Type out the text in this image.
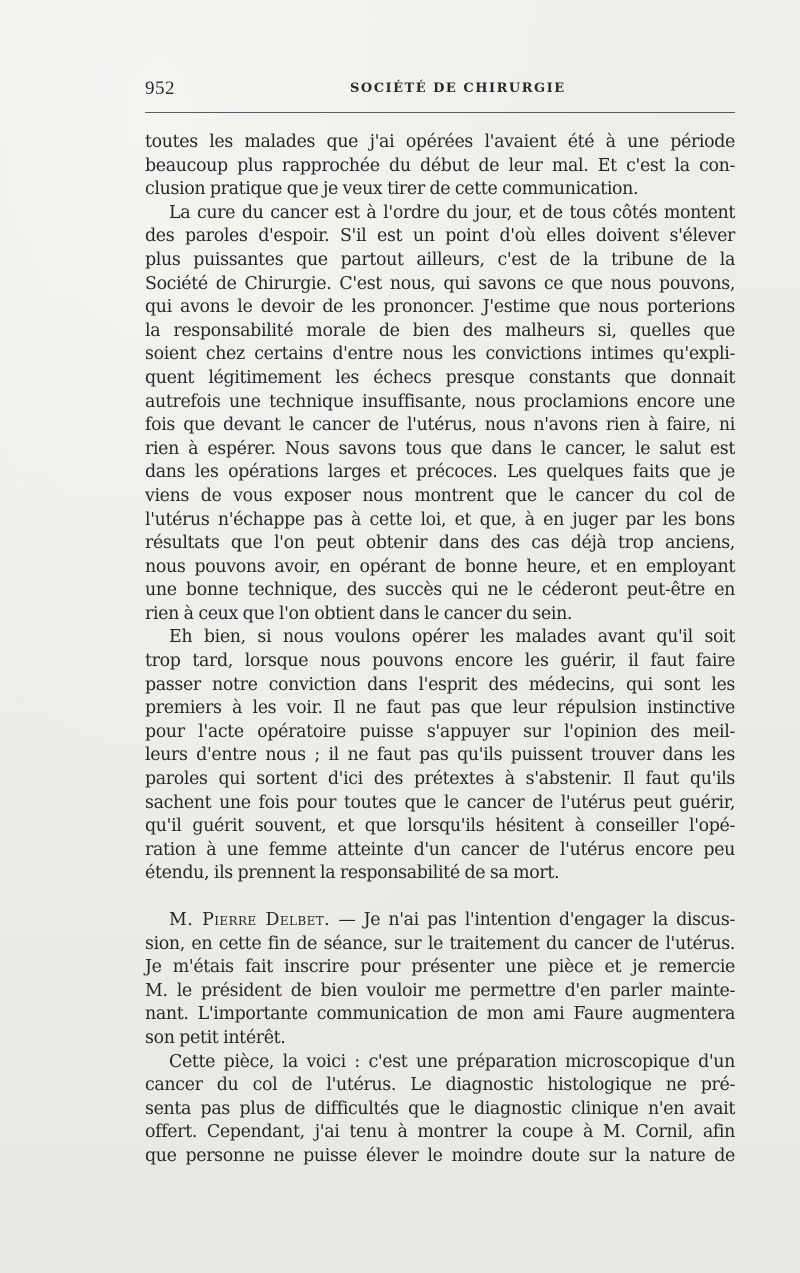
952	SOCIÉTÉ DE CHIRURGIE
toutes les malades que j'ai opérées l'avaient été à une période
beaucoup plus rapprochée du début de leur mal. Et c'est la con-
clusion pratique que je veux tirer de cette communication.
La cure du cancer est à l'ordre du jour, et de tous côtés montent
des paroles d'espoir. S'il est un point d'où elles doivent s'élever
plus puissantes que partout ailleurs, c'est de la tribune de la
Société de Chirurgie. C'est nous, qui savons ce que nous pouvons,
qui avons le devoir de les prononcer. J'estime que nous porterions
la responsabilité morale de bien des malheurs si, quelles que
soient chez certains d'entre nous les convictions intimes qu'expli-
quent légitimement les échecs presque constants que donnait
autrefois une technique insuffisante, nous proclamions encore une
fois que devant le cancer de l'utérus, nous n'avons rien à faire, ni
rien à espérer. Nous savons tous que dans le cancer, le salut est
dans les opérations larges et précoces. Les quelques faits que je
viens de vous exposer nous montrent que le cancer du col de
l'utérus n'échappe pas à cette loi, et que, à en juger par les bons
résultats que l'on peut obtenir dans des cas déjà trop anciens,
nous pouvons avoir, en opérant de bonne heure, et en employant
une bonne technique, des succès qui ne le céderont peut-être en
rien à ceux que l'on obtient dans le cancer du sein.
Eh bien, si nous voulons opérer les malades avant qu'il soit
trop tard, lorsque nous pouvons encore les guérir, il faut faire
passer notre conviction dans l'esprit des médecins, qui sont les
premiers à les voir. Il ne faut pas que leur répulsion instinctive
pour l'acte opératoire puisse s'appuyer sur l'opinion des meil-
leurs d'entre nous ; il ne faut pas qu'ils puissent trouver dans les
paroles qui sortent d'ici des prétextes à s'abstenir. Il faut qu'ils
sachent une fois pour toutes que le cancer de l'utérus peut guérir,
qu'il guérit souvent, et que lorsqu'ils hésitent à conseiller l'opé-
ration à une femme atteinte d'un cancer de l'utérus encore peu
étendu, ils prennent la responsabilité de sa mort.
M. Pierre Delbet. — Je n'ai pas l'intention d'engager la discus-
sion, en cette fin de séance, sur le traitement du cancer de l'utérus.
Je m'étais fait inscrire pour présenter une pièce et je remercie
M. le président de bien vouloir me permettre d'en parler mainte-
nant. L'importante communication de mon ami Faure augmentera
son petit intérêt.
Cette pièce, la voici : c'est une préparation microscopique d'un
cancer du col de l'utérus. Le diagnostic histologique ne pré-
senta pas plus de difficultés que le diagnostic clinique n'en avait
offert. Cependant, j'ai tenu à montrer la coupe à M. Cornil, afin
que personne ne puisse élever le moindre doute sur la nature de
